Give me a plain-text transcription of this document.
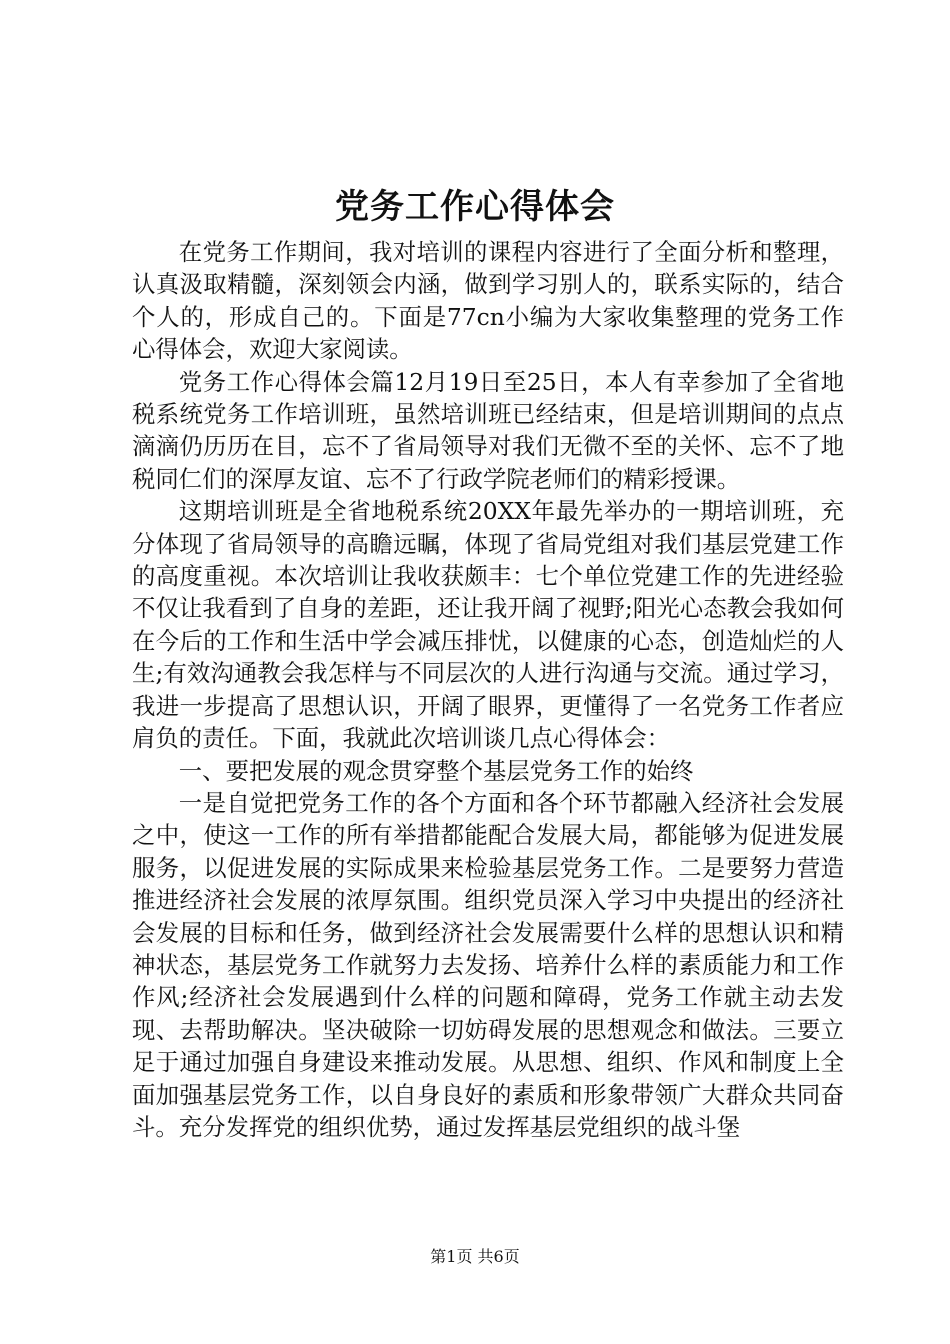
党务工作心得体会

在党务工作期间，我对培训的课程内容进行了全面分析和整理，认真汲取精髓，深刻领会内涵，做到学习别人的，联系实际的，结合个人的，形成自己的。下面是77cn小编为大家收集整理的党务工作心得体会，欢迎大家阅读。

党务工作心得体会篇12月19日至25日，本人有幸参加了全省地税系统党务工作培训班，虽然培训班已经结束，但是培训期间的点点滴滴仍历历在目，忘不了省局领导对我们无微不至的关怀、忘不了地税同仁们的深厚友谊、忘不了行政学院老师们的精彩授课。

这期培训班是全省地税系统20XX年最先举办的一期培训班，充分体现了省局领导的高瞻远瞩，体现了省局党组对我们基层党建工作的高度重视。本次培训让我收获颇丰：七个单位党建工作的先进经验不仅让我看到了自身的差距，还让我开阔了视野;阳光心态教会我如何在今后的工作和生活中学会减压排忧，以健康的心态，创造灿烂的人生;有效沟通教会我怎样与不同层次的人进行沟通与交流。通过学习，我进一步提高了思想认识，开阔了眼界，更懂得了一名党务工作者应肩负的责任。下面，我就此次培训谈几点心得体会：

一、要把发展的观念贯穿整个基层党务工作的始终

一是自觉把党务工作的各个方面和各个环节都融入经济社会发展之中，使这一工作的所有举措都能配合发展大局，都能够为促进发展服务，以促进发展的实际成果来检验基层党务工作。二是要努力营造推进经济社会发展的浓厚氛围。组织党员深入学习中央提出的经济社会发展的目标和任务，做到经济社会发展需要什么样的思想认识和精神状态，基层党务工作就努力去发扬、培养什么样的素质能力和工作作风;经济社会发展遇到什么样的问题和障碍，党务工作就主动去发现、去帮助解决。坚决破除一切妨碍发展的思想观念和做法。三要立足于通过加强自身建设来推动发展。从思想、组织、作风和制度上全面加强基层党务工作，以自身良好的素质和形象带领广大群众共同奋斗。充分发挥党的组织优势，通过发挥基层党组织的战斗堡

第1页 共6页
